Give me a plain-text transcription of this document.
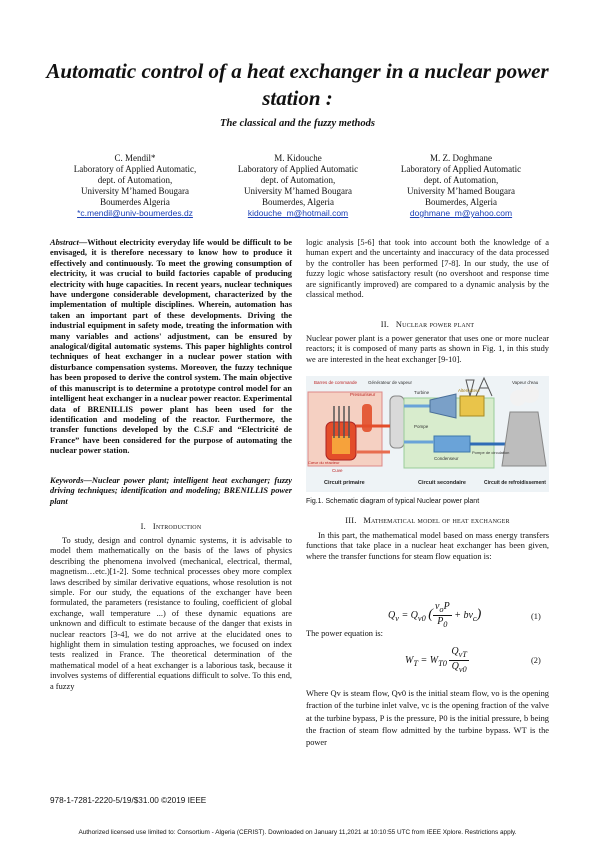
Automatic control of a heat exchanger in a nuclear power station :
The classical and the fuzzy methods
C. Mendil*
Laboratory of Applied Automatic,
dept. of Automation,
University M’hamed Bougara
Boumerdes Algeria
*c.mendil@univ-boumerdes.dz
M. Kidouche
Laboratory of Applied Automatic
dept. of Automation,
University M’hamed Bougara
Boumerdes, Algeria
kidouche_m@hotmail.com
M. Z. Doghmane
Laboratory of Applied Automatic
dept. of Automation,
University M’hamed Bougara
Boumerdes, Algeria
doghmane_m@yahoo.com
Abstract—Without electricity everyday life would be difficult to be envisaged, it is therefore necessary to know how to produce it effectively and continuously. To meet the growing consumption of electricity, it was crucial to build factories capable of producing electricity with huge capacities. In recent years, nuclear techniques have undergone considerable development, characterized by the implementation of multiple disciplines. Wherein, automation has taken an important part of these developments. Driving the industrial equipment in safety mode, treating the information with many variables and actions' adjustment, can be ensured by analogical/digital automatic systems. This paper highlights control techniques of heat exchanger in a nuclear power station with disturbance compensation systems. Moreover, the fuzzy technique has been proposed to derive the control system. The main objective of this manuscript is to determine a prototype control model for an intelligent heat exchanger in a nuclear power reactor. Experimental data of BRENILLIS power plant has been used for the identification and modeling of the reactor. Furthermore, the transfer functions developed by the C.S.F and “Electricité de France” have been considered for the purpose of automating the nuclear power station.
Keywords—Nuclear power plant; intelligent heat exchanger; fuzzy driving techniques; identification and modeling; BRENILLIS power plant
I. Introduction
To study, design and control dynamic systems, it is advisable to model them mathematically on the basis of the laws of physics describing the phenomena involved (mechanical, electrical, thermal, magnetism…etc.)[1-2]. Some technical processes obey more complex laws described by similar derivative equations, whose resolution is not simple. For our study, the equations of the exchanger have been formulated, the parameters (resistance to fouling, coefficient of global exchange, wall temperature ...) of these dynamic equations are unknown and difficult to estimate because of the danger that exists in nuclear reactors [3-4], we do not arrive at the elucidated ones to highlight them in simulation testing approaches, we focused on index tests realized in France. The theoretical determination of the mathematical model of a heat exchanger is a laborious task, because it involves systems of differential equations difficult to solve. To this end, a fuzzy
logic analysis [5-6] that took into account both the knowledge of a human expert and the uncertainty and inaccuracy of the data processed by the controller has been performed [7-8]. In our study, the use of fuzzy logic whose satisfactory result (no overshoot and response time are significantly improved) are compared to a dynamic analysis by the classical method.
II. Nuclear power plant
Nuclear power plant is a power generator that uses one or more nuclear reactors; it is composed of many parts as shown in Fig. 1, in this study we are interested in the heat exchanger [9-10].
Barres de commande Générateur de vapeur
Pressuriseur	Turbine	Alternateur
Vapeur d'eau
Pompe
Cuve
Cœur du réacteur
Condenseur
Pompe de circulation
Circuit primaire	Circuit secondaire	Circuit de refroidissement
Fig.1. Schematic diagram of typical Nuclear power plant
III. Mathematical model of heat exchanger
In this part, the mathematical model based on mass energy transfers functions that take place in a nuclear heat exchanger has been given, where the transfer functions for steam flow equation is:
$Q_v = Q_{v0}$ ( $\frac{v_oP}{P_0} + bv_c$)	(1)
The power equation is:
$W_T = W_{T0} \frac{Q_{vT}}{Q_{v0}}$	(2)
Where Qv is steam flow, Qv0 is the initial steam flow, vo is the opening fraction of the turbine inlet valve, vc is the opening fraction of the valve at the turbine bypass, P is the pressure, P0 is the initial pressure, b being the fraction of steam flow admitted by the turbine bypass. WT is the power
978-1-7281-2220-5/19/$31.00 ©2019 IEEE
Authorized licensed use limited to: Consortium - Algeria (CERIST). Downloaded on January 11,2021 at 10:10:55 UTC from IEEE Xplore. Restrictions apply.
